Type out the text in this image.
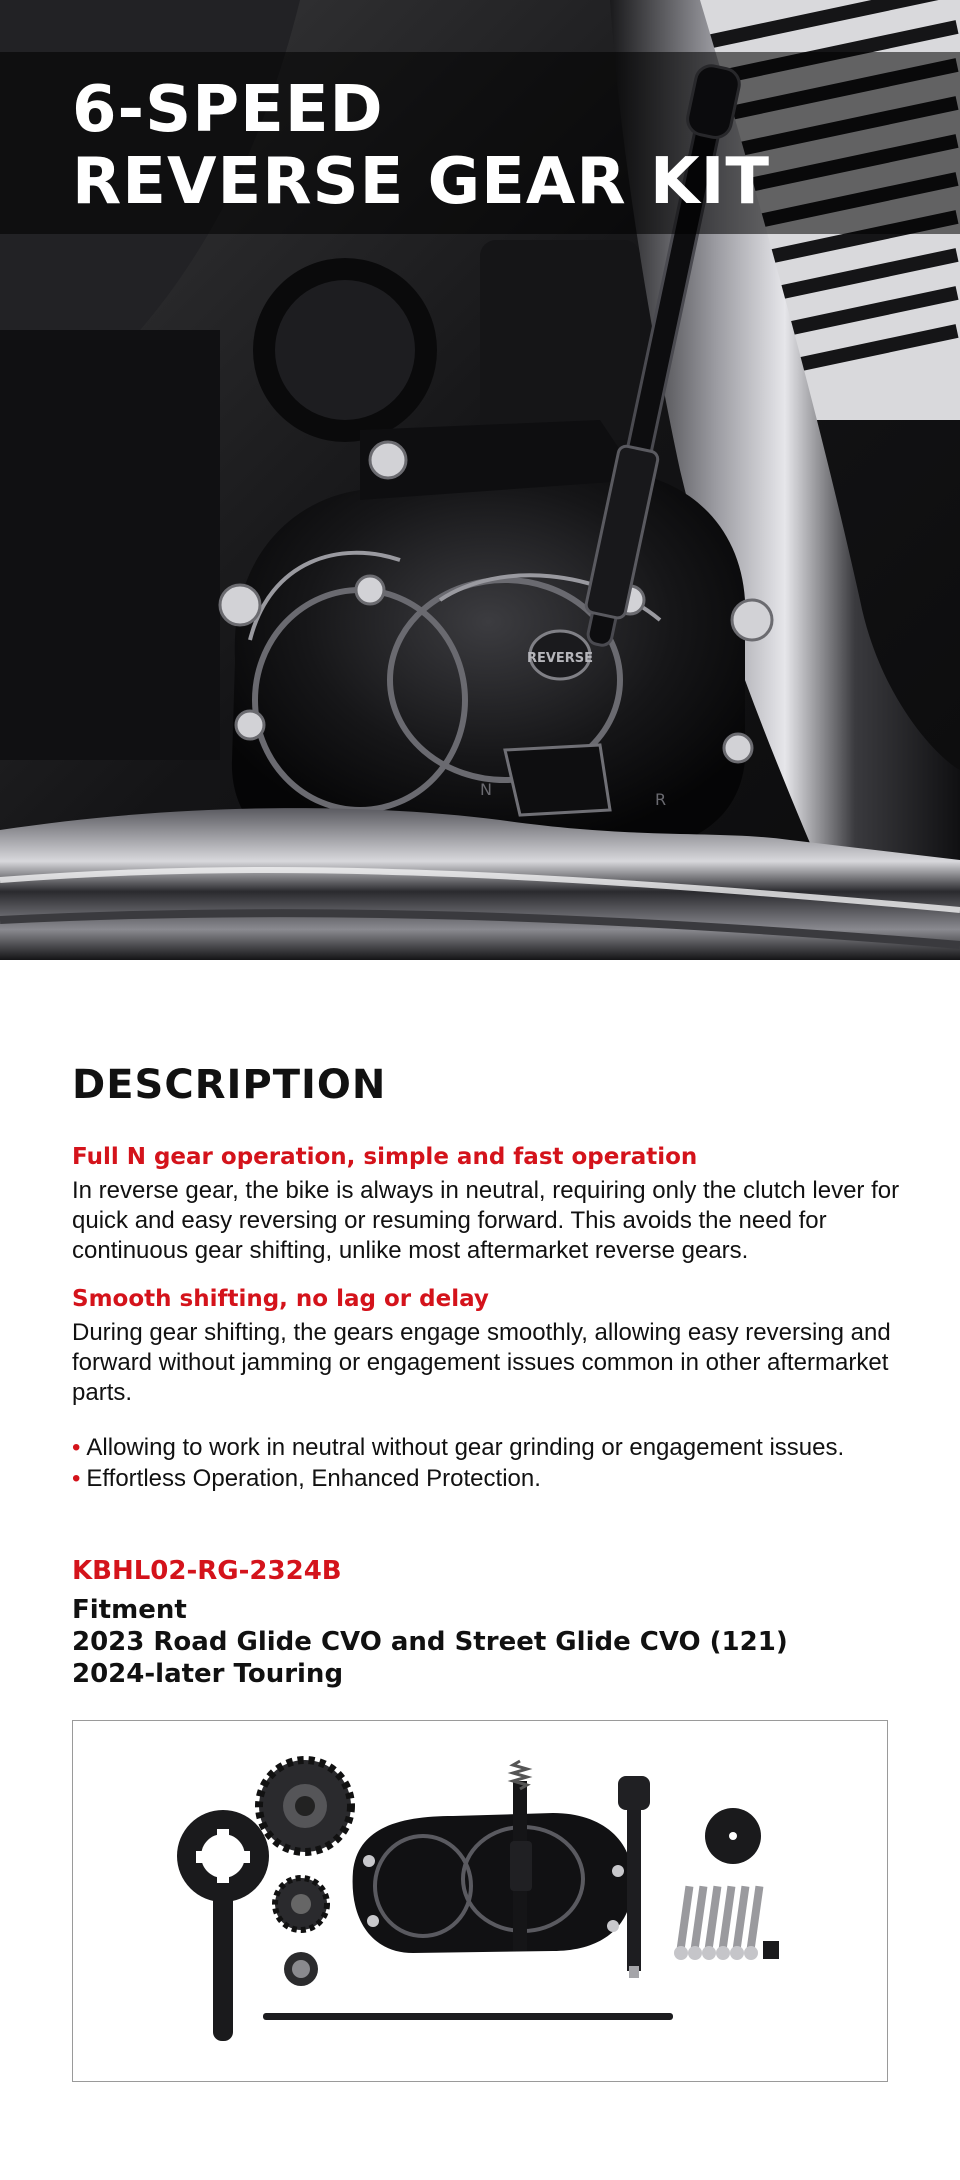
REVERSE
N
R
6-SPEED
REVERSE GEAR KIT
DESCRIPTION
Full N gear operation, simple and fast operation

In reverse gear, the bike is always in neutral, requiring only the clutch lever for quick and easy reversing or resuming forward. This avoids the need for continuous gear shifting, unlike most aftermarket reverse gears.

Smooth shifting, no lag or delay

During gear shifting, the gears engage smoothly, allowing easy reversing and forward without jamming or engagement issues common in other aftermarket parts.

• Allowing to work in neutral without gear grinding or engagement issues.
• Effortless Operation, Enhanced Protection.
KBHL02-RG-2324B
Fitment
2023 Road Glide CVO and Street Glide CVO (121)
2024-later Touring
